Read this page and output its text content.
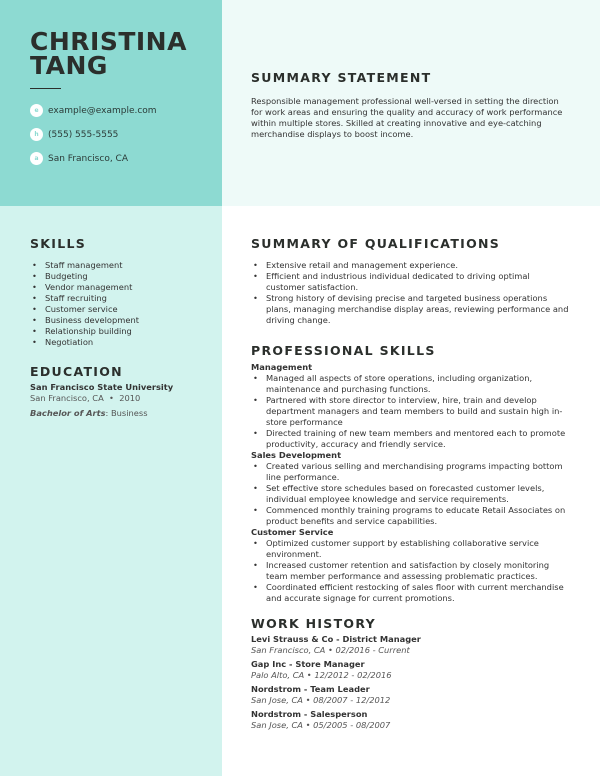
CHRISTINA
TANG
e	example@example.com
h	(555) 555-5555
a	San Francisco, CA
SUMMARY STATEMENT
Responsible management professional well-versed in setting the direction for work areas and ensuring the quality and accuracy of work performance within multiple stores. Skilled at creating innovative and eye-catching merchandise displays to boost income.
SKILLS
• Staff management
• Budgeting
• Vendor management
• Staff recruiting
• Customer service
• Business development
• Relationship building
• Negotiation
EDUCATION
San Francisco State University
San Francisco, CA • 2010
Bachelor of Arts: Business
SUMMARY OF QUALIFICATIONS
• Extensive retail and management experience.
• Efficient and industrious individual dedicated to driving optimal customer satisfaction.
• Strong history of devising precise and targeted business operations plans, managing merchandise display areas, reviewing performance and driving change.
PROFESSIONAL SKILLS
Management
• Managed all aspects of store operations, including organization, maintenance and purchasing functions.
• Partnered with store director to interview, hire, train and develop department managers and team members to build and sustain high in-store performance
• Directed training of new team members and mentored each to promote productivity, accuracy and friendly service.
Sales Development
• Created various selling and merchandising programs impacting bottom line performance.
• Set effective store schedules based on forecasted customer levels, individual employee knowledge and service requirements.
• Commenced monthly training programs to educate Retail Associates on product benefits and service capabilities.
Customer Service
• Optimized customer support by establishing collaborative service environment.
• Increased customer retention and satisfaction by closely monitoring team member performance and assessing problematic practices.
• Coordinated efficient restocking of sales floor with current merchandise and accurate signage for current promotions.
WORK HISTORY
Levi Strauss & Co - District Manager
San Francisco, CA • 02/2016 - Current
Gap Inc - Store Manager
Palo Alto, CA • 12/2012 - 02/2016
Nordstrom - Team Leader
San Jose, CA • 08/2007 - 12/2012
Nordstrom - Salesperson
San Jose, CA • 05/2005 - 08/2007
